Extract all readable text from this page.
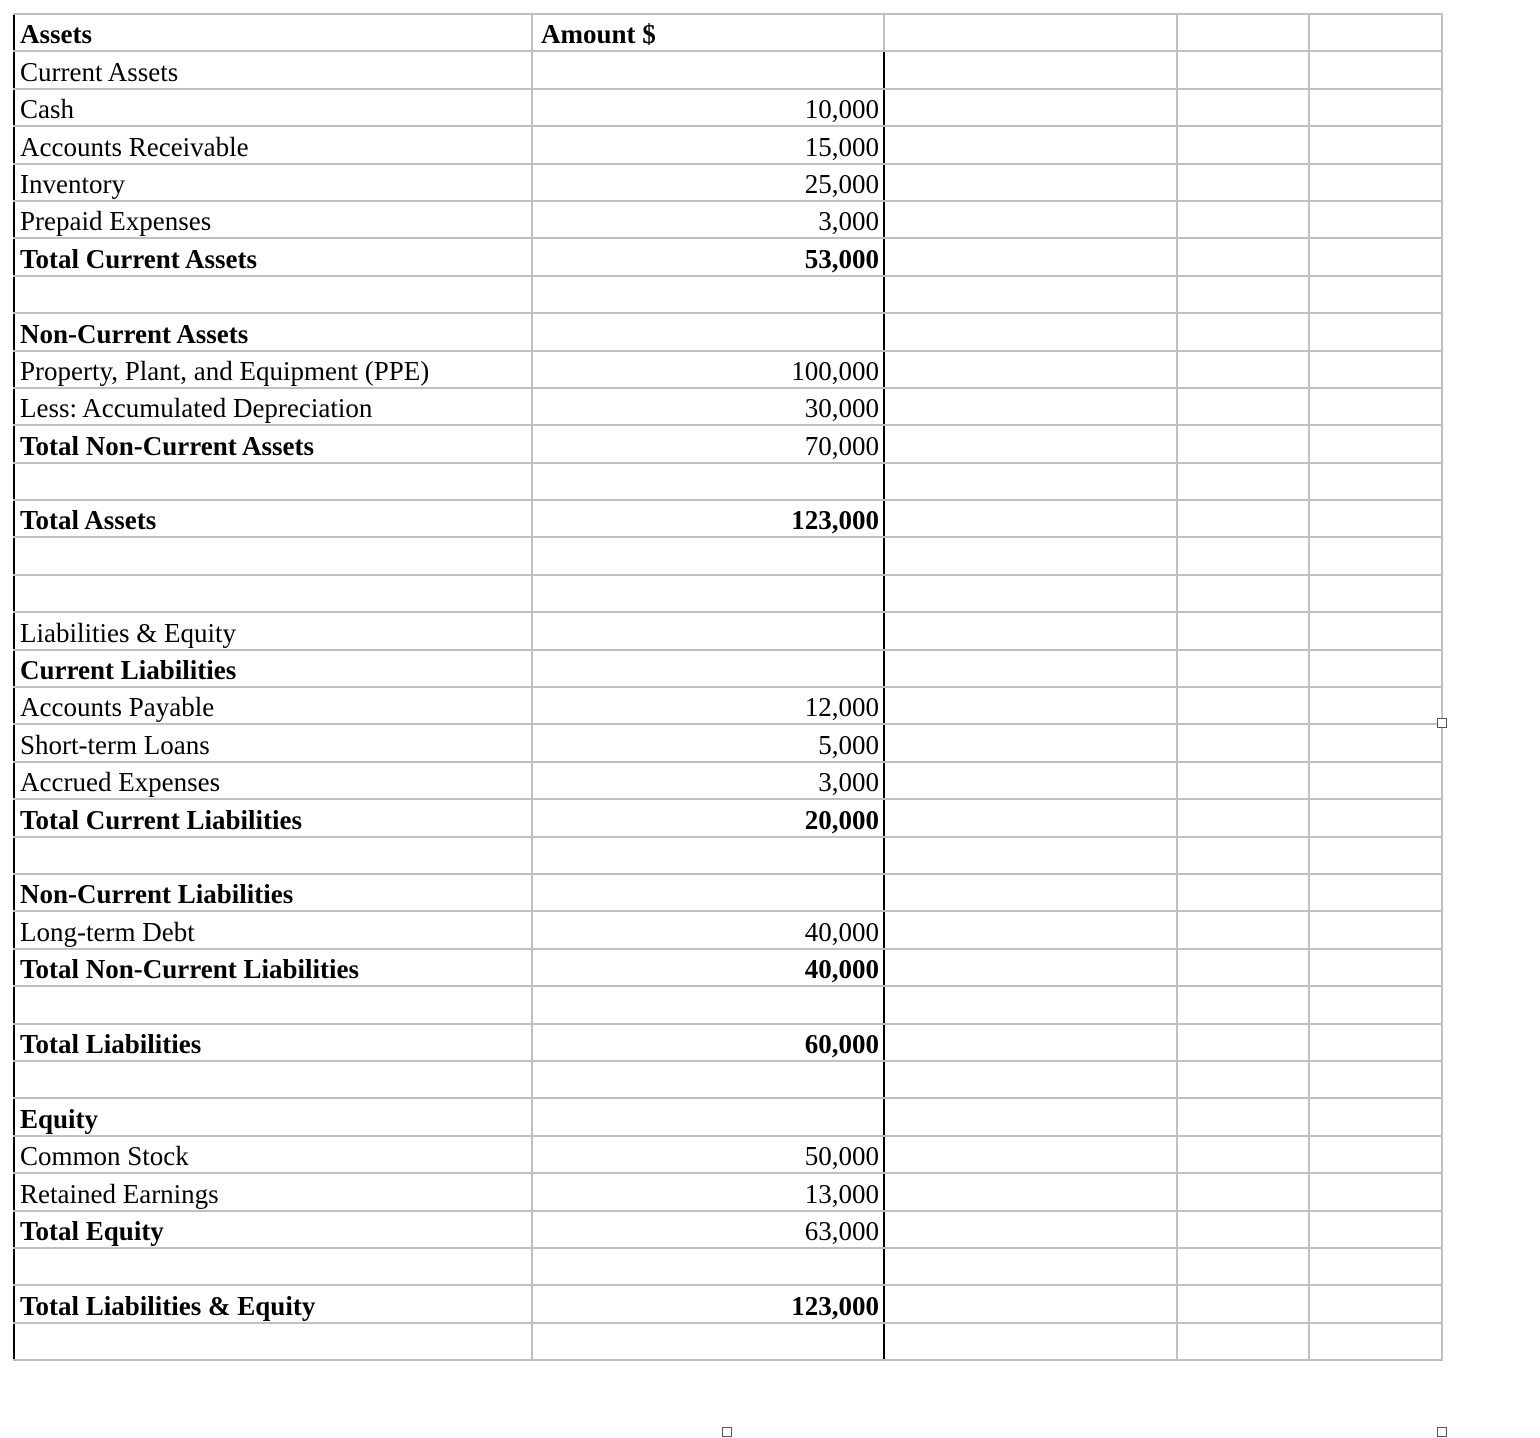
Assets	Amount $			
Current Assets				
Cash	10,000			
Accounts Receivable	15,000			
Inventory	25,000			
Prepaid Expenses	3,000			
Total Current Assets	53,000			

Non-Current Assets				
Property, Plant, and Equipment (PPE)	100,000			
Less: Accumulated Depreciation	30,000			
Total Non-Current Assets	70,000			

Total Assets	123,000			

Liabilities & Equity				
Current Liabilities				
Accounts Payable	12,000			
Short-term Loans	5,000			
Accrued Expenses	3,000			
Total Current Liabilities	20,000			

Non-Current Liabilities				
Long-term Debt	40,000			
Total Non-Current Liabilities	40,000			

Total Liabilities	60,000			

Equity				
Common Stock	50,000			
Retained Earnings	13,000			
Total Equity	63,000			

Total Liabilities & Equity	123,000			
